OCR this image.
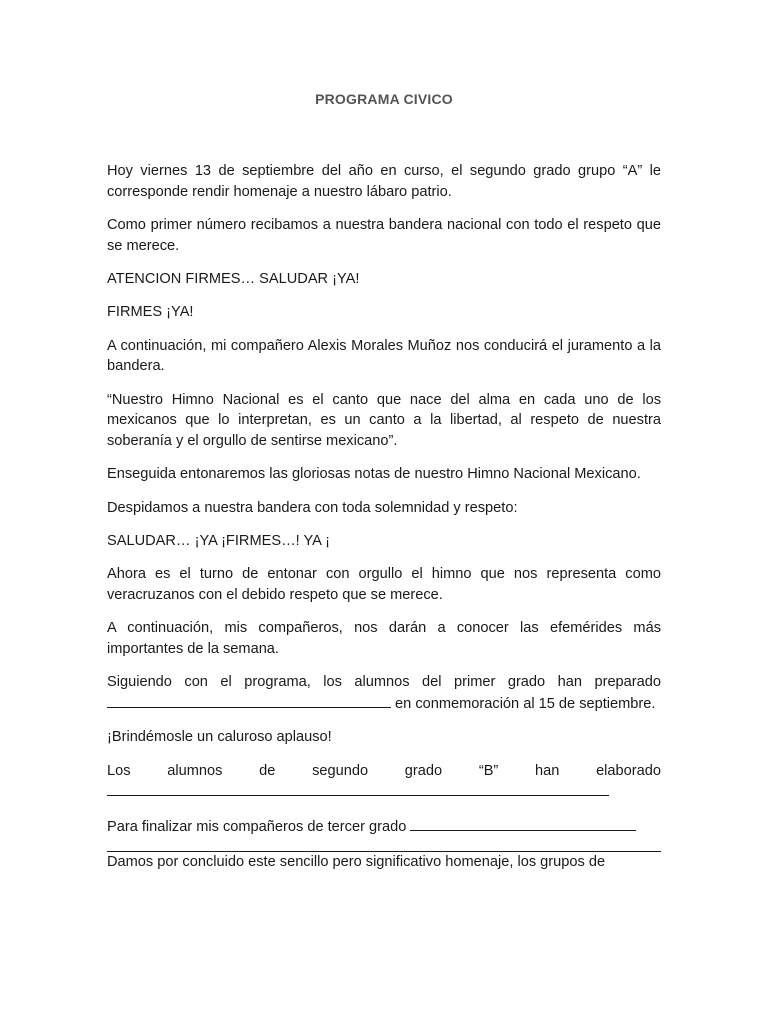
PROGRAMA CIVICO

Hoy viernes 13 de septiembre del año en curso, el segundo grado grupo “A” le corresponde rendir homenaje a nuestro lábaro patrio.

Como primer número recibamos a nuestra bandera nacional con todo el respeto que se merece.

ATENCION FIRMES… SALUDAR ¡YA!

FIRMES ¡YA!

A continuación, mi compañero Alexis Morales Muñoz nos conducirá el juramento a la bandera.

“Nuestro Himno Nacional es el canto que nace del alma en cada uno de los mexicanos que lo interpretan, es un canto a la libertad, al respeto de nuestra soberanía y el orgullo de sentirse mexicano”.

Enseguida entonaremos las gloriosas notas de nuestro Himno Nacional Mexicano.

Despidamos a nuestra bandera con toda solemnidad y respeto:

SALUDAR… ¡YA ¡FIRMES…! YA ¡

Ahora es el turno de entonar con orgullo el himno que nos representa como veracruzanos con el debido respeto que se merece.

A continuación, mis compañeros, nos darán a conocer las efemérides más importantes de la semana.

Siguiendo con el programa, los alumnos del primer grado han preparado  en conmemoración al 15 de septiembre.

¡Brindémosle un caluroso aplauso!

Los alumnos de segundo grado “B” han elaborado

Para finalizar mis compañeros de tercer grado
Damos por concluido este sencillo pero significativo homenaje, los grupos de
